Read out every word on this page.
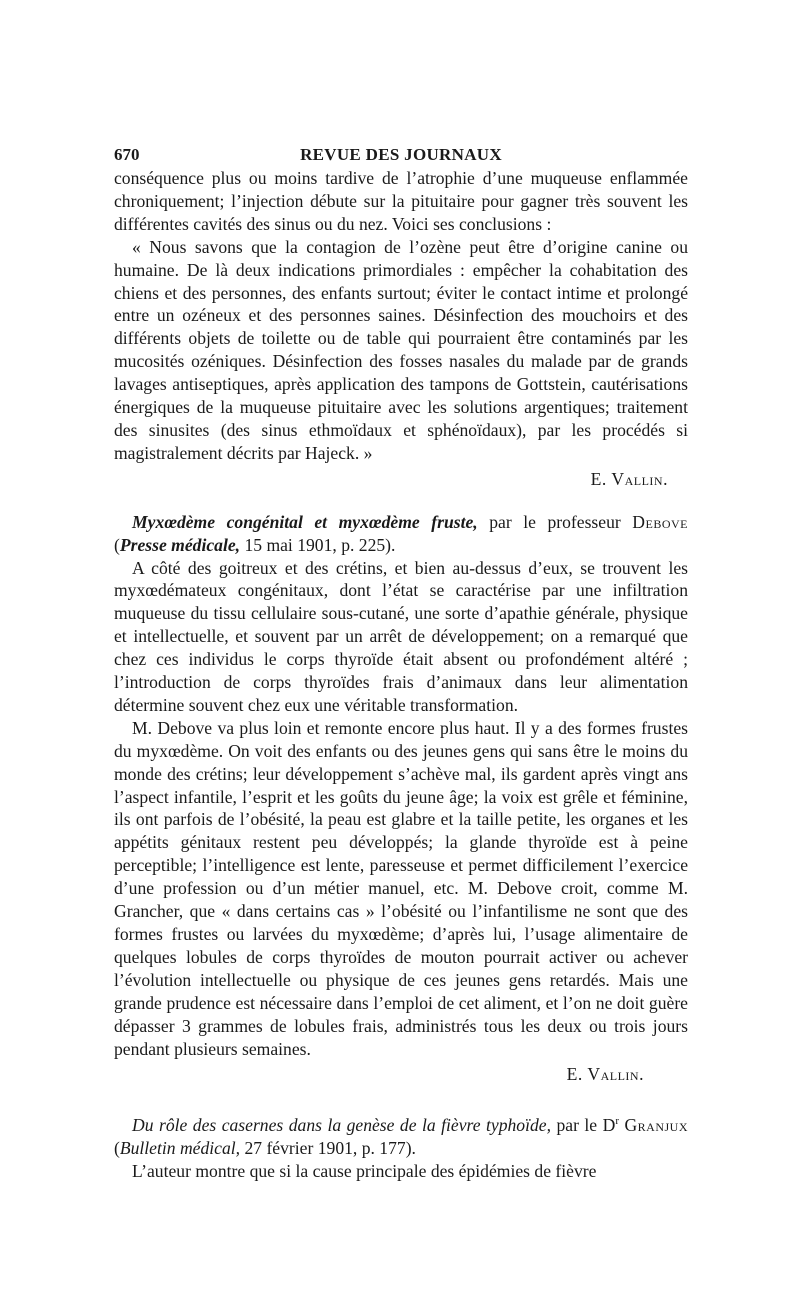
670	REVUE DES JOURNAUX

conséquence plus ou moins tardive de l’atrophie d’une muqueuse enflammée chroniquement; l’injection débute sur la pituitaire pour gagner très souvent les différentes cavités des sinus ou du nez. Voici ses conclusions :

« Nous savons que la contagion de l’ozène peut être d’origine canine ou humaine. De là deux indications primordiales : empêcher la cohabitation des chiens et des personnes, des enfants surtout; éviter le contact intime et prolongé entre un ozéneux et des personnes saines. Désinfection des mouchoirs et des différents objets de toilette ou de table qui pourraient être contaminés par les mucosités ozéniques. Désinfection des fosses nasales du malade par de grands lavages antiseptiques, après application des tampons de Gottstein, cautérisations énergiques de la muqueuse pituitaire avec les solutions argentiques; traitement des sinusites (des sinus ethmoïdaux et sphénoïdaux), par les procédés si magistralement décrits par Hajeck. »

E. Vallin.

Myxœdème congénital et myxœdème fruste, par le professeur Debove (Presse médicale, 15 mai 1901, p. 225).

A côté des goitreux et des crétins, et bien au-dessus d’eux, se trouvent les myxœdémateux congénitaux, dont l’état se caractérise par une infiltration muqueuse du tissu cellulaire sous-cutané, une sorte d’apathie générale, physique et intellectuelle, et souvent par un arrêt de développement; on a remarqué que chez ces individus le corps thyroïde était absent ou profondément altéré ; l’introduction de corps thyroïdes frais d’animaux dans leur alimentation détermine souvent chez eux une véritable transformation.

M. Debove va plus loin et remonte encore plus haut. Il y a des formes frustes du myxœdème. On voit des enfants ou des jeunes gens qui sans être le moins du monde des crétins; leur développement s’achève mal, ils gardent après vingt ans l’aspect infantile, l’esprit et les goûts du jeune âge; la voix est grêle et féminine, ils ont parfois de l’obésité, la peau est glabre et la taille petite, les organes et les appétits génitaux restent peu développés; la glande thyroïde est à peine perceptible; l’intelligence est lente, paresseuse et permet difficilement l’exercice d’une profession ou d’un métier manuel, etc. M. Debove croit, comme M. Grancher, que « dans certains cas » l’obésité ou l’infantilisme ne sont que des formes frustes ou larvées du myxœdème; d’après lui, l’usage alimentaire de quelques lobules de corps thyroïdes de mouton pourrait activer ou achever l’évolution intellectuelle ou physique de ces jeunes gens retardés. Mais une grande prudence est nécessaire dans l’emploi de cet aliment, et l’on ne doit guère dépasser 3 grammes de lobules frais, administrés tous les deux ou trois jours pendant plusieurs semaines.

E. Vallin.

Du rôle des casernes dans la genèse de la fièvre typhoïde, par le $D^r$ Granjux (Bulletin médical, 27 février 1901, p. 177).

L’auteur montre que si la cause principale des épidémies de fièvre
